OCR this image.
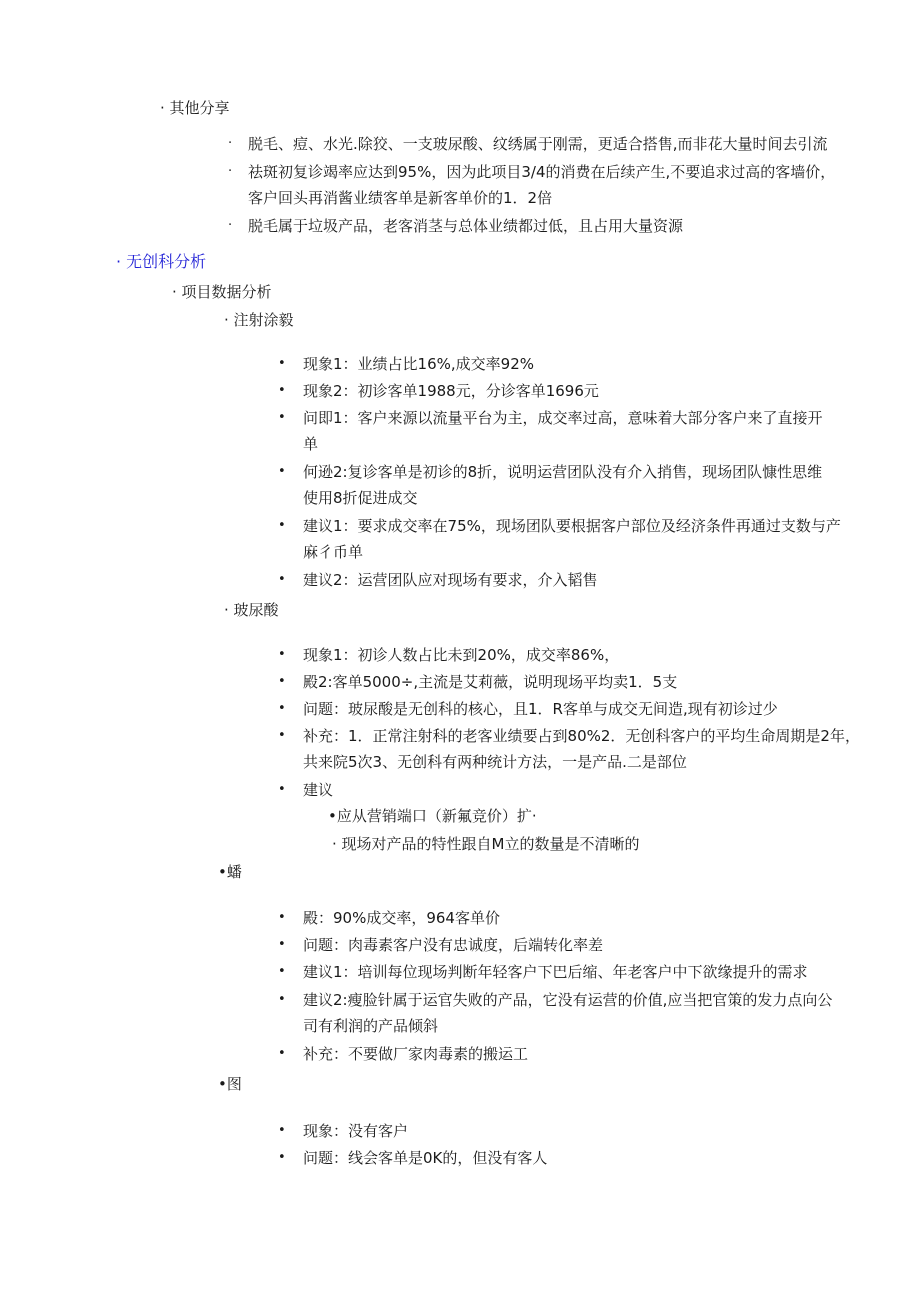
· 其他分享
· 脱毛、痘、水光.除狡、一支玻尿酸、纹绣属于刚需，更适合搭售,而非花大量时间去引流
· 祛斑初复诊竭率应达到95%，因为此项目3/4的消费在后续产生,不要追求过高的客墙价，
客户回头再消酱业绩客单是新客单价的1．2倍
· 脱毛属于垃圾产品，老客消茎与总体业绩都过低，且占用大量资源
· 无创科分析
· 项目数据分析
· 注射涂毅
• 现象1：业绩占比16%,成交率92%
• 现象2：初诊客单1988元，分诊客单1696元
• 问即1：客户来源以流量平台为主，成交率过高，意味着大部分客户来了直接开
单
• 何逊2:复诊客单是初诊的8折，说明运营团队没有介入捎售，现场团队慷性思维
使用8折促进成交
• 建议1：要求成交率在75%，现场团队要根据客户部位及经济条件再通过支数与产
麻彳币单
• 建议2：运营团队应对现场有要求，介入韬售
· 玻尿酸
• 现象1：初诊人数占比未到20%，成交率86%，
• 殿2:客单5000÷,主流是艾莉薇，说明现场平均卖1．5支
• 问题：玻尿酸是无创科的核心，且1．R客单与成交无间造,现有初诊过少
• 补充：1．正常注射科的老客业绩要占到80%2．无创科客户的平均生命周期是2年，
共来院5次3、无创科有两种统计方法，一是产品.二是部位
• 建议
•应从营销端口（新氟竞价）扩·
· 现场对产品的特性跟自M立的数量是不清晰的
•蟠
• 殿：90%成交率，964客单价
• 问题：肉毒素客户没有忠诚度，后端转化率差
• 建议1：培训每位现场判断年轻客户下巴后缩、年老客户中下欲缘提升的需求
• 建议2:瘦脸针属于运官失败的产品，它没有运营的价值,应当把官策的发力点向公
司有利润的产品倾斜
• 补充：不要做厂家肉毒素的搬运工
•图
• 现象：没有客户
• 问题：线会客单是0K的，但没有客人
